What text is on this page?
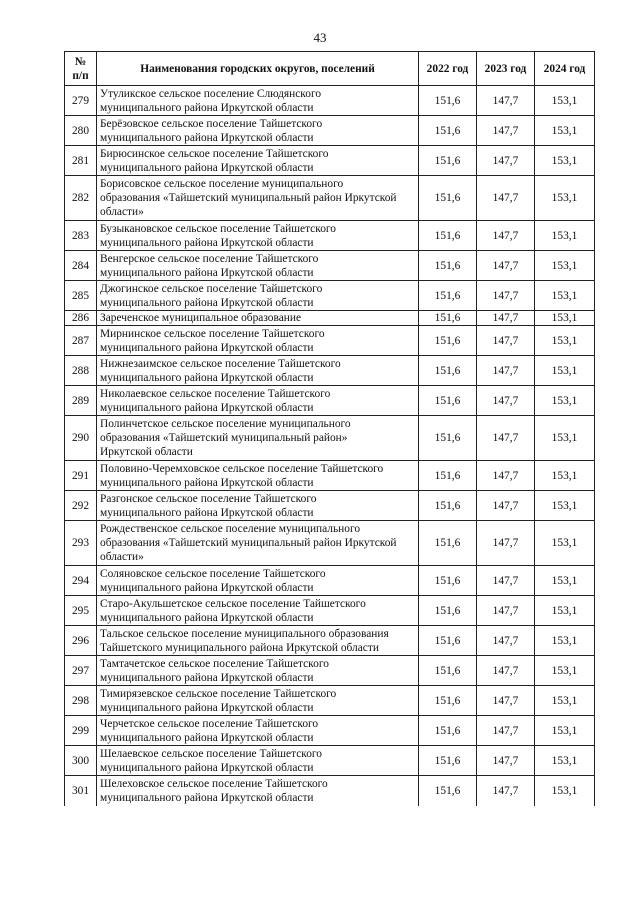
43
№
п/п	Наименования городских округов, поселений	2022 год	2023 год	2024 год
279	Утуликское сельское поселение Слюдянского
муниципального района Иркутской области	151,6	147,7	153,1
280	Берёзовское сельское поселение Тайшетского
муниципального района Иркутской области	151,6	147,7	153,1
281	Бирюсинское сельское поселение Тайшетского
муниципального района Иркутской области	151,6	147,7	153,1
282	Борисовское сельское поселение муниципального
образования «Тайшетский муниципальный район Иркутской
области»	151,6	147,7	153,1
283	Бузыкановское сельское поселение Тайшетского
муниципального района Иркутской области	151,6	147,7	153,1
284	Венгерское сельское поселение Тайшетского
муниципального района Иркутской области	151,6	147,7	153,1
285	Джогинское сельское поселение Тайшетского
муниципального района Иркутской области	151,6	147,7	153,1
286	Зареченское муниципальное образование	151,6	147,7	153,1
287	Мирнинское сельское поселение Тайшетского
муниципального района Иркутской области	151,6	147,7	153,1
288	Нижнезаимское сельское поселение Тайшетского
муниципального района Иркутской области	151,6	147,7	153,1
289	Николаевское сельское поселение Тайшетского
муниципального района Иркутской области	151,6	147,7	153,1
290	Полинчетское сельское поселение муниципального
образования «Тайшетский муниципальный район»
Иркутской области	151,6	147,7	153,1
291	Половино-Черемховское сельское поселение Тайшетского
муниципального района Иркутской области	151,6	147,7	153,1
292	Разгонское сельское поселение Тайшетского
муниципального района Иркутской области	151,6	147,7	153,1
293	Рождественское сельское поселение муниципального
образования «Тайшетский муниципальный район Иркутской
области»	151,6	147,7	153,1
294	Соляновское сельское поселение Тайшетского
муниципального района Иркутской области	151,6	147,7	153,1
295	Старо-Акульшетское сельское поселение Тайшетского
муниципального района Иркутской области	151,6	147,7	153,1
296	Тальское сельское поселение муниципального образования
Тайшетского муниципального района Иркутской области	151,6	147,7	153,1
297	Тамтачетское сельское поселение Тайшетского
муниципального района Иркутской области	151,6	147,7	153,1
298	Тимирязевское сельское поселение Тайшетского
муниципального района Иркутской области	151,6	147,7	153,1
299	Черчетское сельское поселение Тайшетского
муниципального района Иркутской области	151,6	147,7	153,1
300	Шелаевское сельское поселение Тайшетского
муниципального района Иркутской области	151,6	147,7	153,1
301	Шелеховское сельское поселение Тайшетского
муниципального района Иркутской области	151,6	147,7	153,1
